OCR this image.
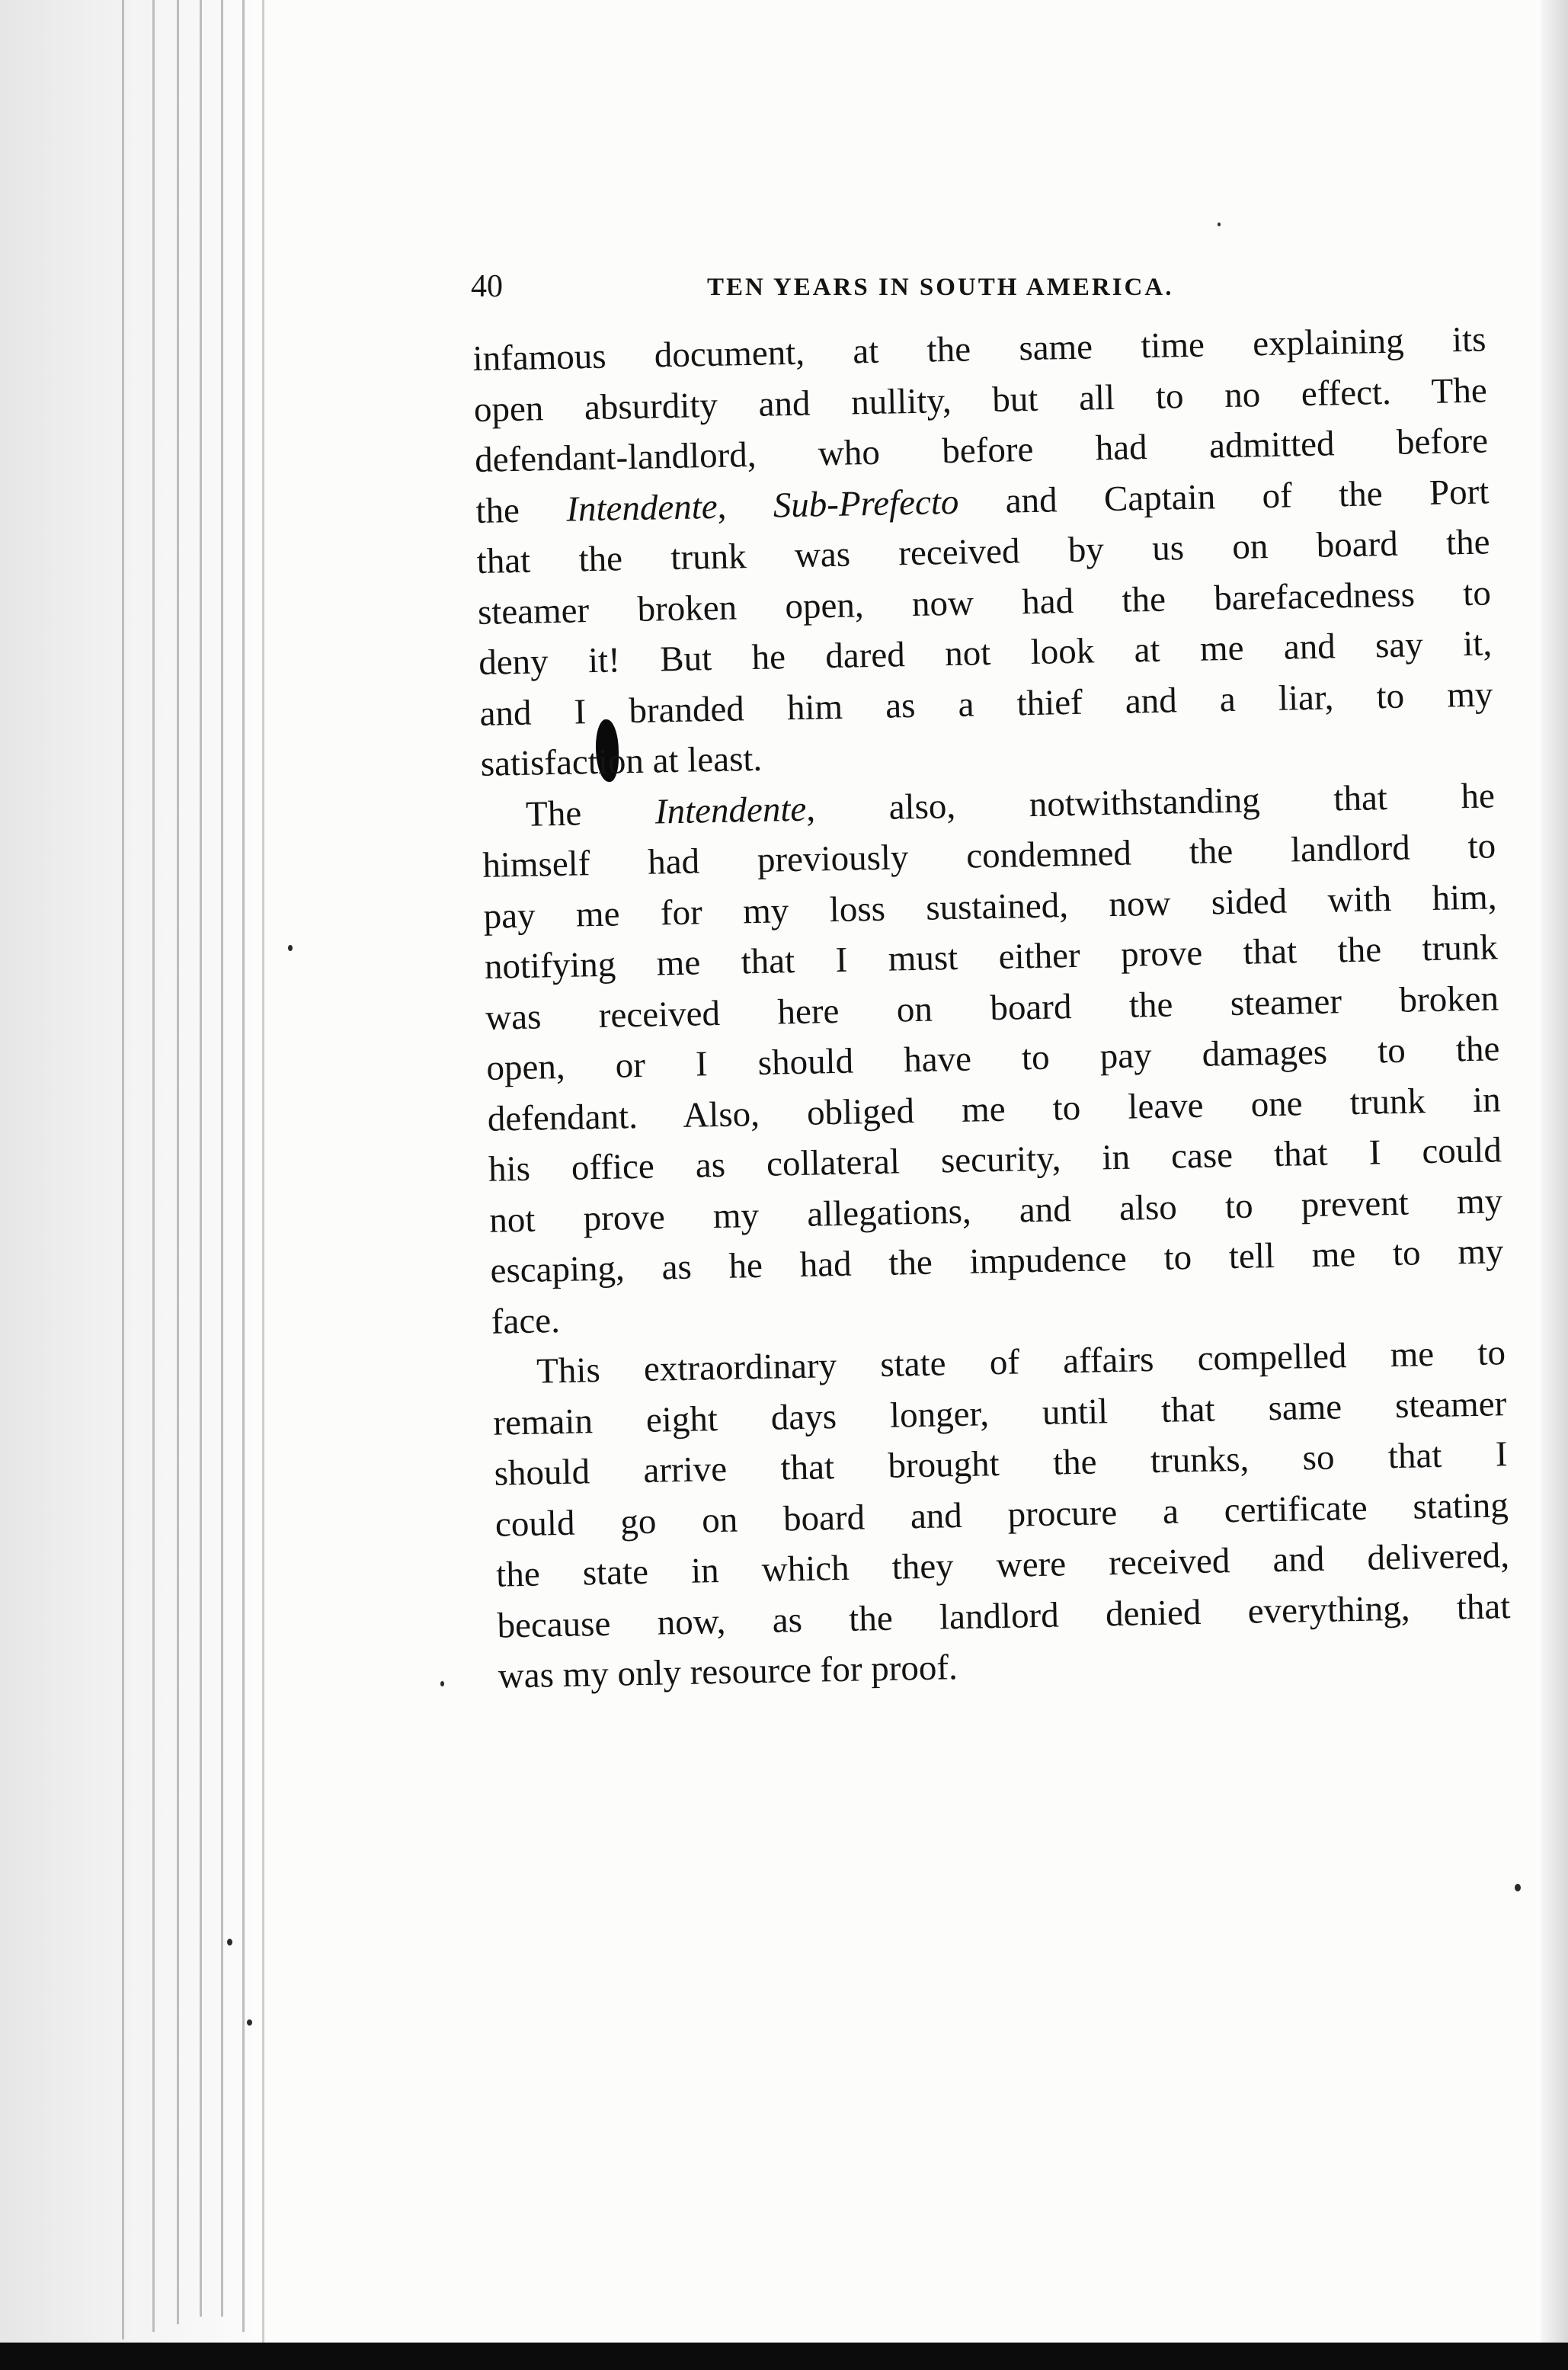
40	TEN YEARS IN SOUTH AMERICA.
infamous document, at the same time explaining its
open absurdity and nullity, but all to no effect. The
defendant-landlord, who before had admitted before
the Intendente, Sub-Prefecto and Captain of the Port
that the trunk was received by us on board the
steamer broken open, now had the barefacedness to
deny it! But he dared not look at me and say it,
and I branded him as a thief and a liar, to my
satisfaction at least.
The Intendente, also, notwithstanding that he
himself had previously condemned the landlord to
pay me for my loss sustained, now sided with him,
notifying me that I must either prove that the trunk
was received here on board the steamer broken
open, or I should have to pay damages to the
defendant. Also, obliged me to leave one trunk in
his office as collateral security, in case that I could
not prove my allegations, and also to prevent my
escaping, as he had the impudence to tell me to my
face.
This extraordinary state of affairs compelled me to
remain eight days longer, until that same steamer
should arrive that brought the trunks, so that I
could go on board and procure a certificate stating
the state in which they were received and delivered,
because now, as the landlord denied everything, that
was my only resource for proof.
